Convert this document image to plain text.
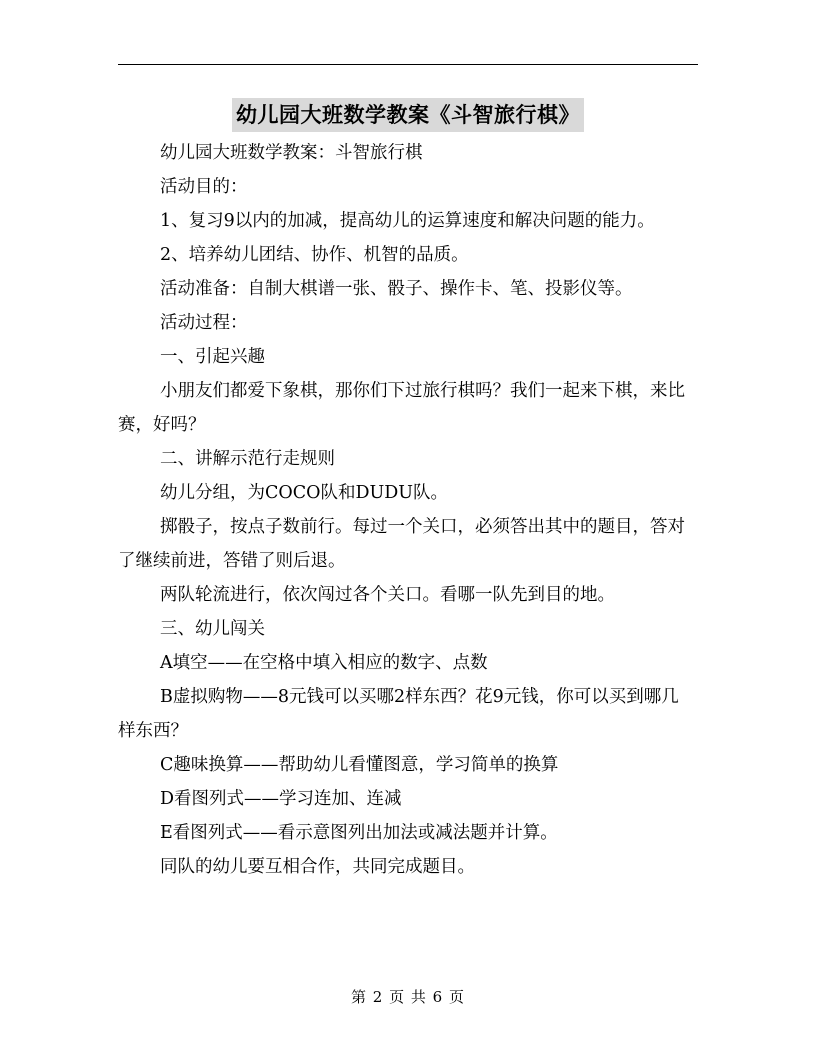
幼儿园大班数学教案《斗智旅行棋》

幼儿园大班数学教案：斗智旅行棋

活动目的：

1、复习9以内的加减，提高幼儿的运算速度和解决问题的能力。

2、培养幼儿团结、协作、机智的品质。

活动准备：自制大棋谱一张、骰子、操作卡、笔、投影仪等。

活动过程：

一、引起兴趣

小朋友们都爱下象棋，那你们下过旅行棋吗？我们一起来下棋，来比赛，好吗？

二、讲解示范行走规则

幼儿分组，为COCO队和DUDU队。

掷骰子，按点子数前行。每过一个关口，必须答出其中的题目，答对了继续前进，答错了则后退。

两队轮流进行，依次闯过各个关口。看哪一队先到目的地。

三、幼儿闯关

A填空——在空格中填入相应的数字、点数

B虚拟购物——8元钱可以买哪2样东西？花9元钱，你可以买到哪几样东西？

C趣味换算——帮助幼儿看懂图意，学习简单的换算

D看图列式——学习连加、连减

E看图列式——看示意图列出加法或减法题并计算。

同队的幼儿要互相合作，共同完成题目。

第 2 页 共 6 页
